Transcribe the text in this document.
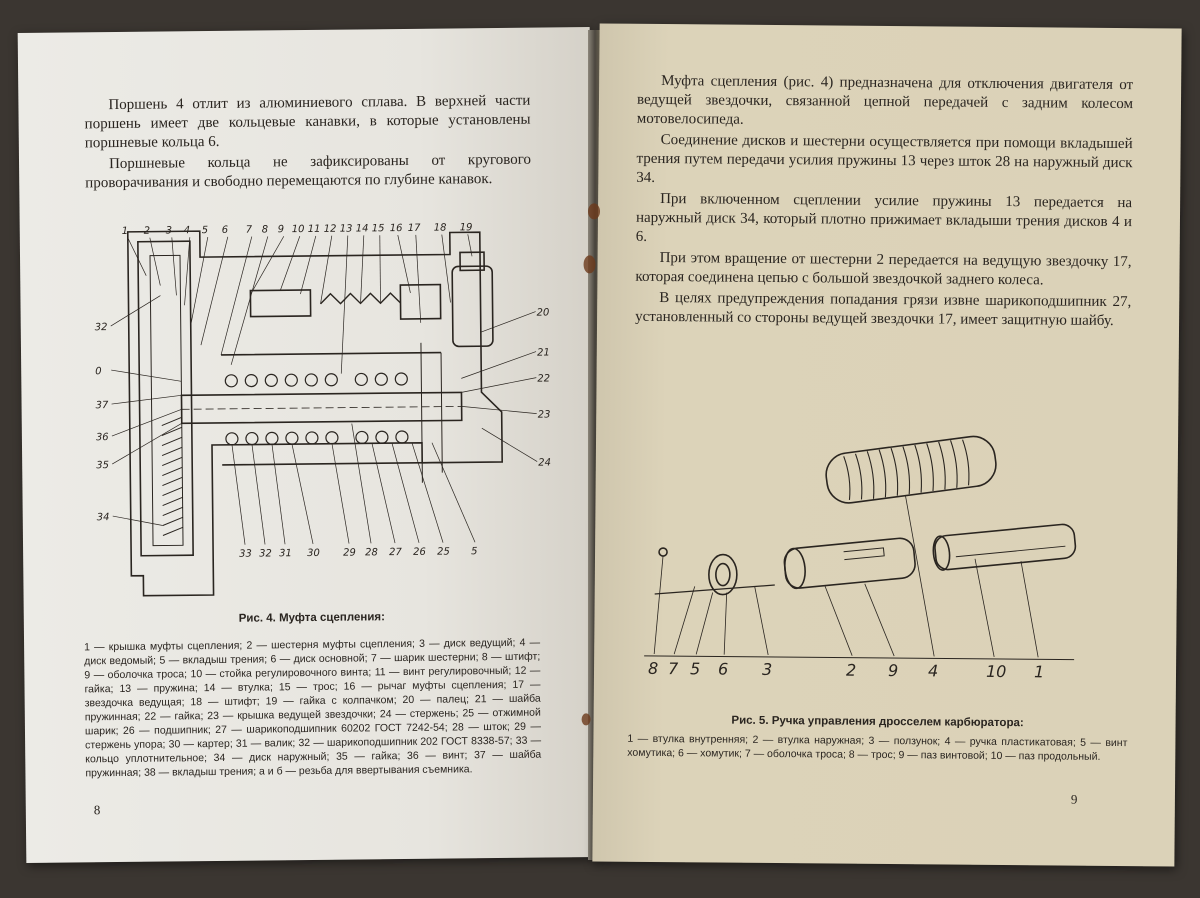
Поршень 4 отлит из алюминиевого сплава. В верхней части поршень имеет две кольцевые канавки, в которые установлены поршневые кольца 6.

Поршневые кольца не зафиксированы от кругового проворачивания и свободно перемещаются по глубине канавок.

1 2 3 4 5 6 7 8 9 10 11 12 13 14 15 16 17 18 19
20
21
22
23
24
32
0
37
36
35
34
33 32 31 30 29 28 27 26 25 5

Рис. 4. Муфта сцепления:

1 — крышка муфты сцепления; 2 — шестерня муфты сцепления; 3 — диск ведущий; 4 — диск ведомый; 5 — вкладыш трения; 6 — диск основной; 7 — шарик шестерни; 8 — штифт; 9 — оболочка троса; 10 — стойка регулировочного винта; 11 — винт регулировочный; 12 — гайка; 13 — пружина; 14 — втулка; 15 — трос; 16 — рычаг муфты сцепления; 17 — звездочка ведущая; 18 — штифт; 19 — гайка с колпачком; 20 — палец; 21 — шайба пружинная; 22 — гайка; 23 — крышка ведущей звездочки; 24 — стержень; 25 — отжимной шарик; 26 — подшипник; 27 — шарикоподшипник 60202 ГОСТ 7242-54; 28 — шток; 29 — стержень упора; 30 — картер; 31 — валик; 32 — шарикоподшипник 202 ГОСТ 8338-57; 33 — кольцо уплотнительное; 34 — диск наружный; 35 — гайка; 36 — винт; 37 — шайба пружинная; 38 — вкладыш трения; а и б — резьба для ввертывания съемника.

8

Муфта сцепления (рис. 4) предназначена для отключения двигателя от ведущей звездочки, связанной цепной передачей с задним колесом мотовелосипеда.

Соединение дисков и шестерни осуществляется при помощи вкладышей трения путем передачи усилия пружины 13 через шток 28 на наружный диск 34.

При включенном сцеплении усилие пружины 13 передается на наружный диск 34, который плотно прижимает вкладыши трения дисков 4 и 6.

При этом вращение от шестерни 2 передается на ведущую звездочку 17, которая соединена цепью с большой звездочкой заднего колеса.

В целях предупреждения попадания грязи извне шарикоподшипник 27, установленный со стороны ведущей звездочки 17, имеет защитную шайбу.

8 7 5 6 3	2 9 4	10 1

Рис. 5. Ручка управления дросселем карбюратора:

1 — втулка внутренняя; 2 — втулка наружная; 3 — ползунок; 4 — ручка пластикатовая; 5 — винт хомутика; 6 — хомутик; 7 — оболочка троса; 8 — трос; 9 — паз винтовой; 10 — паз продольный.

9
